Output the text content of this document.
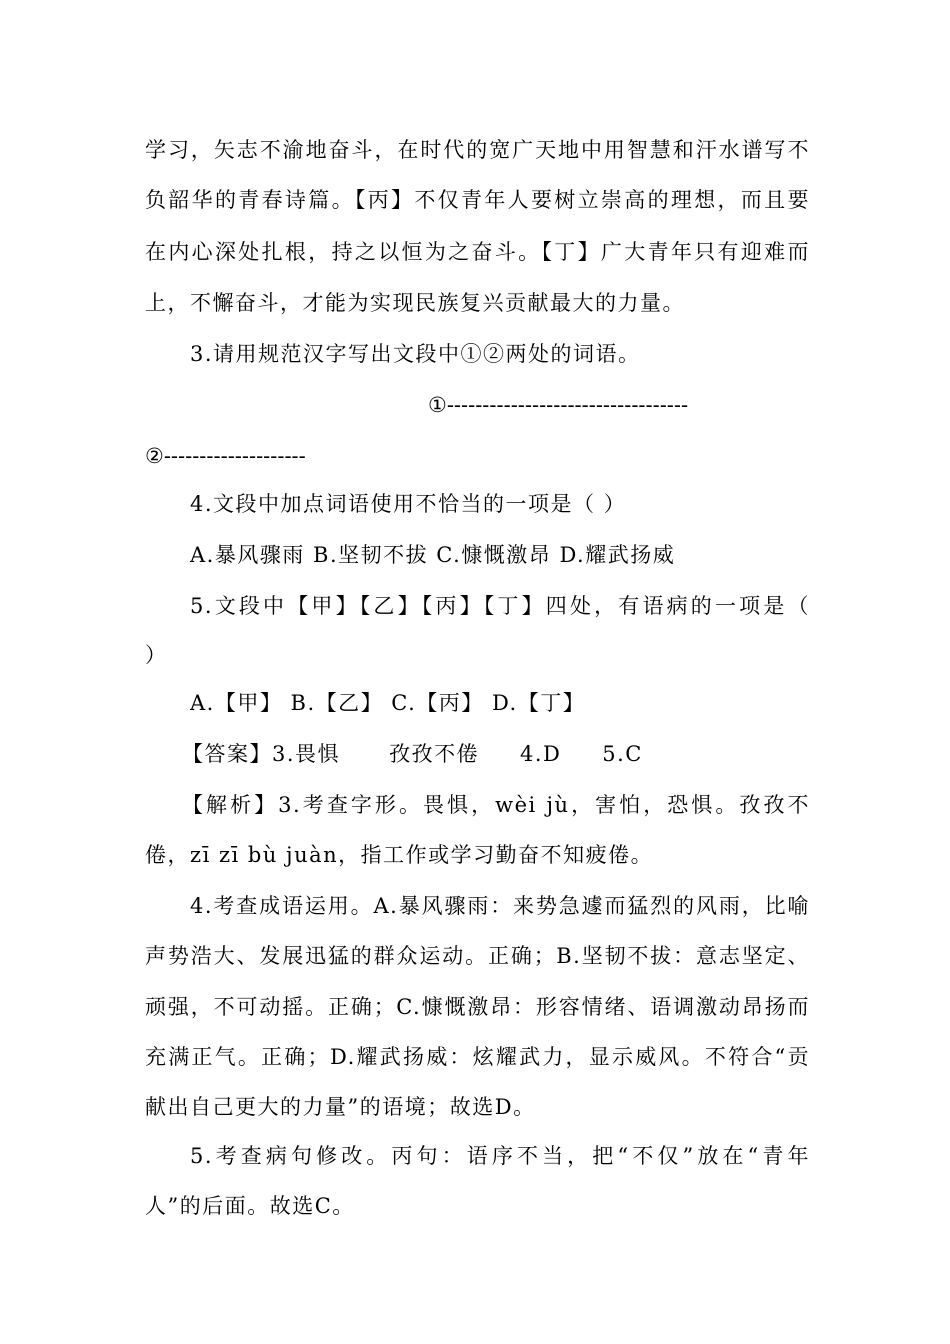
学习，矢志不渝地奋斗，在时代的宽广天地中用智慧和汗水谱写不
负韶华的青春诗篇。【丙】不仅青年人要树立崇高的理想，而且要
在内心深处扎根，持之以恒为之奋斗。【丁】广大青年只有迎难而
上，不懈奋斗，才能为实现民族复兴贡献最大的力量。
3.请用规范汉字写出文段中①②两处的词语。
①----------------------------------
②--------------------
4.文段中加点词语使用不恰当的一项是（ ）
A.暴风骤雨 B.坚韧不拔 C.慷慨激昂 D.耀武扬威
5.文段中【甲】【乙】【丙】【丁】四处，有语病的一项是（
）
A.【甲】 B.【乙】 C.【丙】 D.【丁】
【答案】3.畏惧      孜孜不倦     4.D     5.C
【解析】3.考查字形。畏惧，wèi jù，害怕，恐惧。孜孜不
倦，zī zī bù juàn，指工作或学习勤奋不知疲倦。
4.考查成语运用。A.暴风骤雨：来势急遽而猛烈的风雨，比喻
声势浩大、发展迅猛的群众运动。正确；B.坚韧不拔：意志坚定、
顽强，不可动摇。正确；C.慷慨激昂：形容情绪、语调激动昂扬而
充满正气。正确；D.耀武扬威：炫耀武力，显示威风。不符合“贡
献出自己更大的力量”的语境；故选D。
5.考查病句修改。丙句：语序不当，把“不仅”放在“青年
人”的后面。故选C。
